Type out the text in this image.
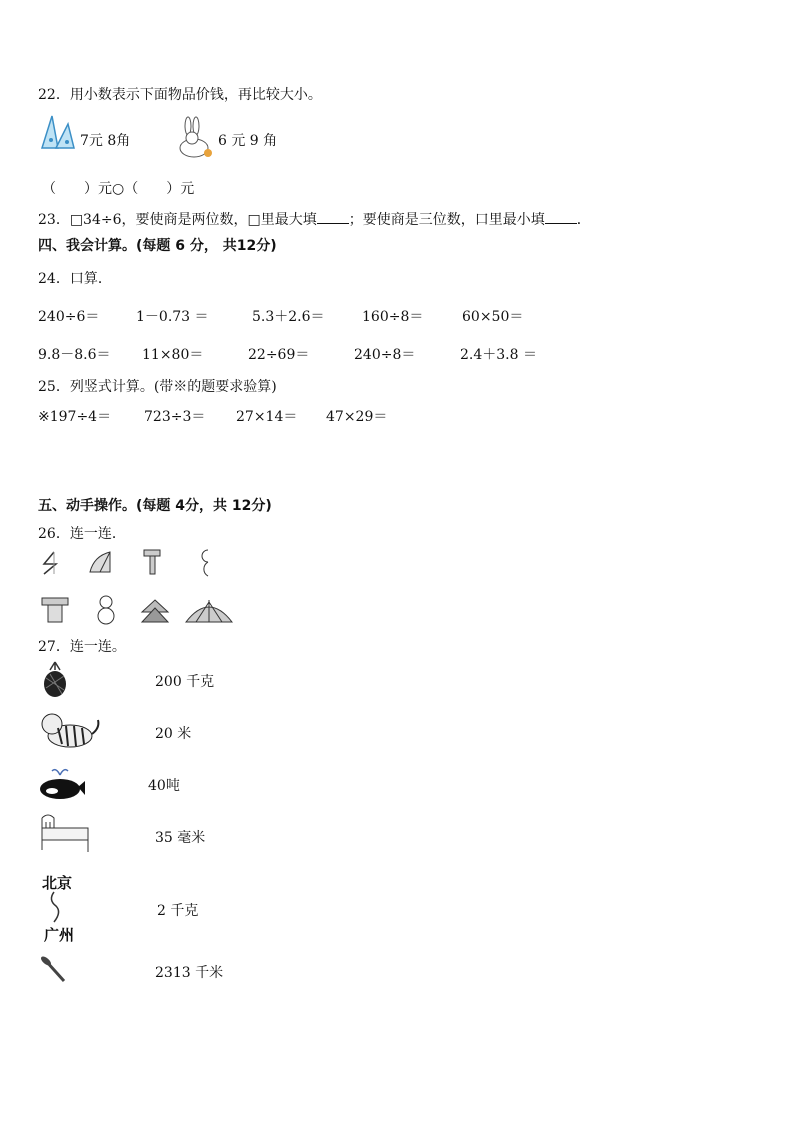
22．用小数表示下面物品价钱，再比较大小。
7元 8角	6 元 9 角
（　　）元○（　　）元
23．□34÷6，要使商是两位数，□里最大填 ；要使商是三位数，口里最小填 ．
四、我会计算。(每题 6 分， 共12分)
24．口算．
240÷6＝	1－0.73 ＝	5.3＋2.6＝	160÷8＝	60×50＝
9.8－8.6＝ 11×80＝	22÷69＝	240÷8＝	2.4＋3.8 ＝
25．列竖式计算。(带※的题要求验算)
※197÷4＝ 723÷3＝ 27×14＝ 47×29＝
五、动手操作。(每题 4分，共 12分)
26．连一连．
27．连一连。
200 千克
20 米
40吨
35 毫米
北京
广州
2 千克
2313 千米
